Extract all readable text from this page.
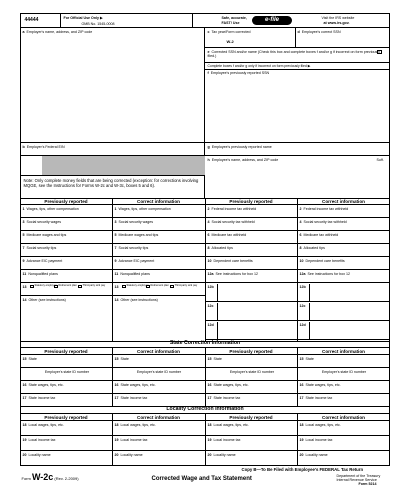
44444	For Official Use Only ▶
OMB No. 1545-0008
Safe, accurate,
FAST! Use	e-file	Visit the IRS website
at www.irs.gov.
a Employer's name, address, and ZIP code
b Employer's Federal EIN
Note: Only complete money fields that are being corrected (exception: for corrections involving MQGE, see the Instructions for Forms W-2c and W-3c, boxes 5 and 6).
c Tax year/Form corrected	d Employee's correct SSN
W-2
e Corrected SSN and/or name (Check this box and complete boxes f and/or g if incorrect on form previously filed.)
Complete boxes f and/or g only if incorrect on form previously filed ▶
f Employee's previously reported SSN
g Employee's previously reported name
h Employee's name, address, and ZIP code	Suff.
Previously reported	Correct information	Previously reported	Correct information
1 Wages, tips, other compensation	1 Wages, tips, other compensation	2 Federal income tax withheld	2 Federal income tax withheld
3 Social security wages	3 Social security wages	4 Social security tax withheld	4 Social security tax withheld
5 Medicare wages and tips	5 Medicare wages and tips	6 Medicare tax withheld	6 Medicare tax withheld
7 Social security tips	7 Social security tips	8 Allocated tips	8 Allocated tips
9 Advance EIC payment	9 Advance EIC payment	10 Dependent care benefits	10 Dependent care benefits
11 Nonqualified plans	11 Nonqualified plans	12a See instructions for box 12	12a See instructions for box 12
13	Statutory employee Retirement plan Third-party sick pay	13	Statutory employee Retirement plan Third-party sick pay
14 Other (see instructions)	14 Other (see instructions)
12b	12b
12c	12c
12d	12d
State Correction Information
Previously reported	Correct information	Previously reported	Correct information
15 State	15 State	15 State	15 State
Employer's state ID number	Employer's state ID number	Employer's state ID number	Employer's state ID number
16 State wages, tips, etc.	16 State wages, tips, etc.	16 State wages, tips, etc.	16 State wages, tips, etc.
17 State income tax	17 State income tax	17 State income tax	17 State income tax
Locality Correction Information
Previously reported	Correct information	Previously reported	Correct information
18 Local wages, tips, etc.	18 Local wages, tips, etc.	18 Local wages, tips, etc.	18 Local wages, tips, etc.
19 Local income tax	19 Local income tax	19 Local income tax	19 Local income tax
20 Locality name	20 Locality name	20 Locality name	20 Locality name
Form W-2c (Rev. 2-2009)	Corrected Wage and Tax Statement
Copy B—To Be Filed with Employee's FEDERAL Tax Return
Department of the Treasury
Internal Revenue Service
Form 5214
